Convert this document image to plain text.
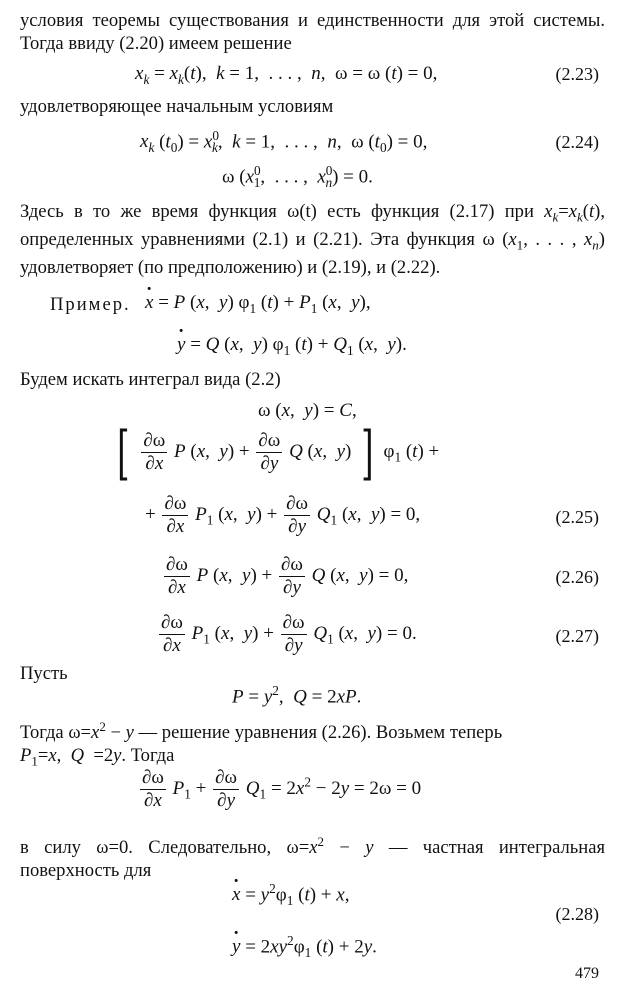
условия теоремы существования и единственности для этой системы. Тогда ввиду (2.20) имеем решение

$x_k = x_k(t)$,  k = 1,  . . . ,  n,  ω = ω (t) = 0,	(2.23)

удовлетворяющее начальным условиям

$x_k$ $(t_0) = x^0_k$,  k = 1,  . . . ,  n,  ω $(t_0) = 0$,	(2.24)
ω ($x^0_1$,  . . . ,  $x^0_n) = 0$.
Здесь в то же время функция ω(t) есть функция (2.17) при $x_k=x_k(t)$, определенных уравнениями (2.1) и (2.21). Эта функция ω ($x_1$, . . . , $x_n$) удовлетворяет (по предположению) и (2.19), и (2.22).
Пример.
· x = P (x,  y) $\varphi_1$ $(t) + P_1$ (x,  y),
· y = Q (x,  y) $\varphi_1$ $(t) + Q_1$ (x,  y).

Будем искать интеграл вида (2.2)

ω (x,  y) = C,
[ $\frac{\partial\omega}{\partial x}$ P (x,  $y) + \frac{\partial\omega}{\partial y}$ Q (x,  y) ] $\varphi_1$ (t) +
+ $\frac{\partial\omega}{\partial x} P_1$ (x,  $y) + \frac{\partial\omega}{\partial y} Q_1$ (x,  y) = 0,	(2.25)
$\frac{\partial\omega}{\partial x}$ P (x,  $y) + \frac{\partial\omega}{\partial y}$ Q (x,  y) = 0,	(2.26)
$\frac{\partial\omega}{\partial x} P_1$ (x,  $y) + \frac{\partial\omega}{\partial y} Q_1$ (x,  y) = 0.	(2.27)

Пусть

$P = y^2$,  Q = 2xP.
Тогда $\omega=x^2 - y$ — решение уравнения (2.26). Возьмем теперь
$P_1=x$,  Q  =2y. Тогда
$\frac{\partial\omega}{\partial x} P_1 + \frac{\partial\omega}{\partial y} Q_1 = 2x^2 - 2y = 2\omega = 0$
в силу ω=0. Следовательно, $\omega=x^2 - y$ — частная интегральная поверхность для
· $x = y^2\varphi_1$ (t) + x,
(2.28)
· $y = 2xy^2\varphi_1$ (t) + 2y.
479
